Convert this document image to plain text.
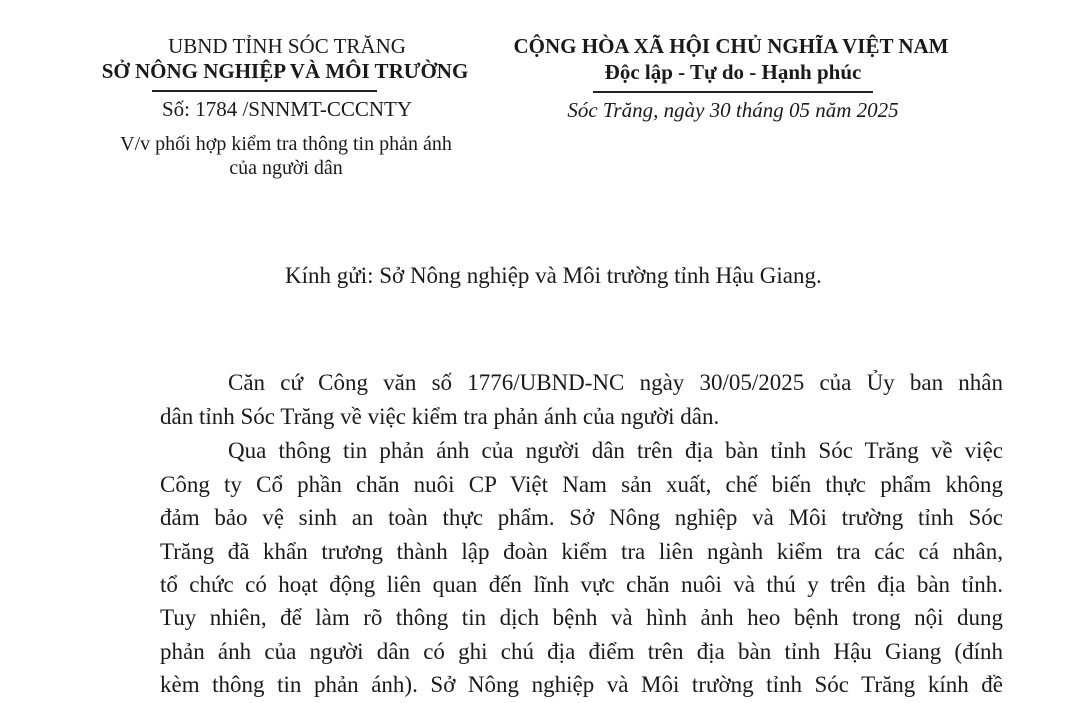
UBND TỈNH SÓC TRĂNG
SỞ NÔNG NGHIỆP VÀ MÔI TRƯỜNG
Số: 1784 /SNNMT-CCCNTY
V/v phối hợp kiểm tra thông tin phản ánh
của người dân
CỘNG HÒA XÃ HỘI CHỦ NGHĨA VIỆT NAM
Độc lập - Tự do - Hạnh phúc
Sóc Trăng, ngày 30 tháng 05 năm 2025
Kính gửi: Sở Nông nghiệp và Môi trường tỉnh Hậu Giang.
Căn cứ Công văn số 1776/UBND-NC ngày 30/05/2025 của Ủy ban nhân
dân tỉnh Sóc Trăng về việc kiểm tra phản ánh của người dân.
Qua thông tin phản ánh của người dân trên địa bàn tỉnh Sóc Trăng về việc
Công ty Cổ phần chăn nuôi CP Việt Nam sản xuất, chế biến thực phẩm không
đảm bảo vệ sinh an toàn thực phẩm. Sở Nông nghiệp và Môi trường tỉnh Sóc
Trăng đã khẩn trương thành lập đoàn kiểm tra liên ngành kiểm tra các cá nhân,
tổ chức có hoạt động liên quan đến lĩnh vực chăn nuôi và thú y trên địa bàn tỉnh.
Tuy nhiên, để làm rõ thông tin dịch bệnh và hình ảnh heo bệnh trong nội dung
phản ánh của người dân có ghi chú địa điểm trên địa bàn tỉnh Hậu Giang (đính
kèm thông tin phản ánh). Sở Nông nghiệp và Môi trường tỉnh Sóc Trăng kính đề
